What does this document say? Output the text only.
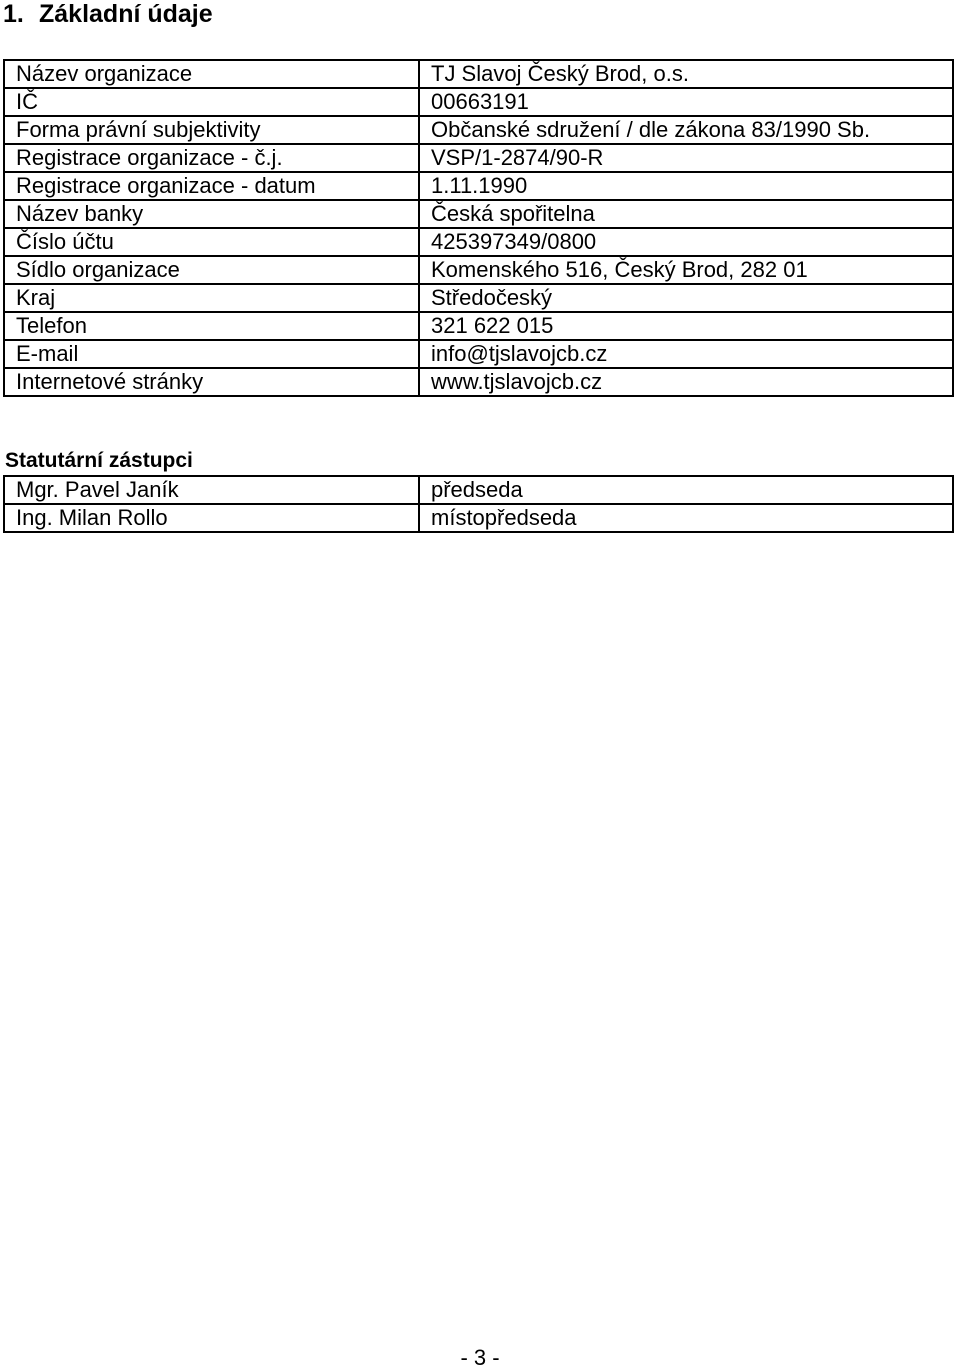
1. Základní údaje
Název organizace	TJ Slavoj Český Brod, o.s.
IČ	00663191
Forma právní subjektivity	Občanské sdružení / dle zákona 83/1990 Sb.
Registrace organizace - č.j.	VSP/1-2874/90-R
Registrace organizace - datum	1.11.1990
Název banky	Česká spořitelna
Číslo účtu	425397349/0800
Sídlo organizace	Komenského 516, Český Brod, 282 01
Kraj	Středočeský
Telefon	321 622 015
E-mail	info@tjslavojcb.cz
Internetové stránky	www.tjslavojcb.cz
Statutární zástupci
Mgr. Pavel Janík	předseda
Ing. Milan Rollo	místopředseda
- 3 -
